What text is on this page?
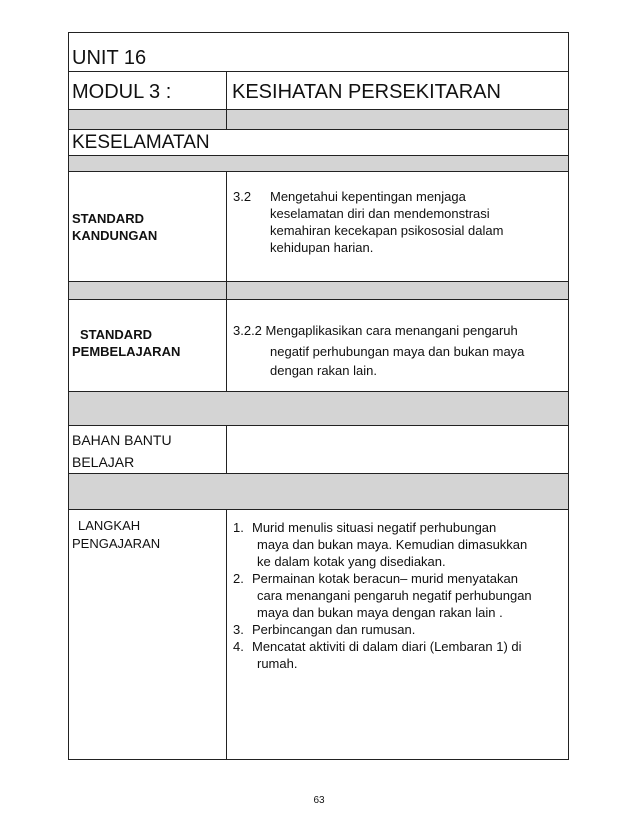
UNIT 16
MODUL 3 :	KESIHATAN PERSEKITARAN
KESELAMATAN
STANDARD
KANDUNGAN
3.2 Mengetahui kepentingan menjaga
keselamatan diri dan mendemonstrasi
kemahiran kecekapan psikososial dalam
kehidupan harian.
STANDARD
PEMBELAJARAN
3.2.2 Mengaplikasikan cara menangani pengaruh
negatif perhubungan maya dan bukan maya
dengan rakan lain.
BAHAN BANTU
BELAJAR
LANGKAH
PENGAJARAN
1. Murid menulis situasi negatif perhubungan
maya dan bukan maya. Kemudian dimasukkan
ke dalam kotak yang disediakan.
2. Permainan kotak beracun– murid menyatakan
cara menangani pengaruh negatif perhubungan
maya dan bukan maya dengan rakan lain .
3. Perbincangan dan rumusan.
4. Mencatat aktiviti di dalam diari (Lembaran 1) di
rumah.
63
